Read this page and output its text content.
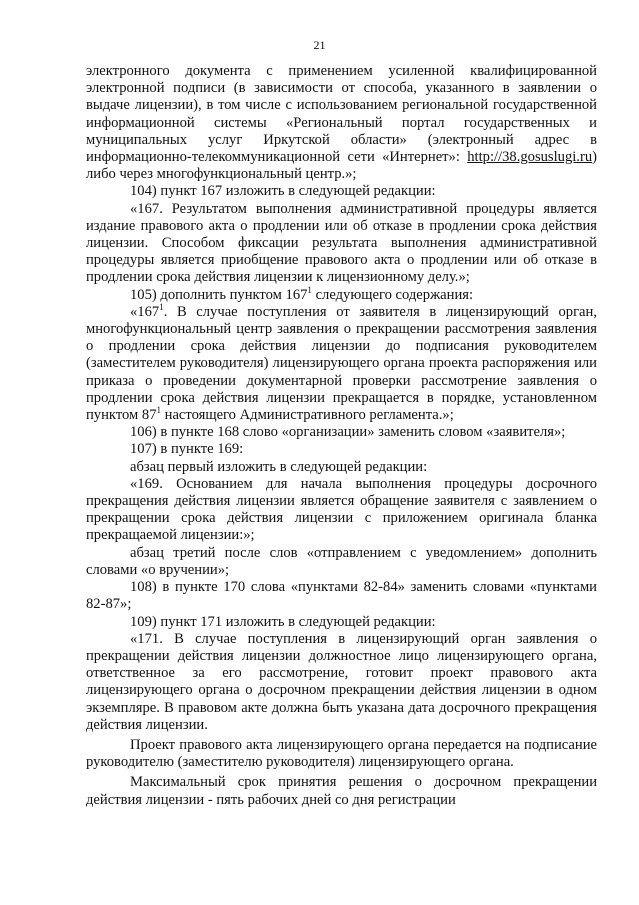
21

электронного документа с применением усиленной квалифицированной электронной подписи (в зависимости от способа, указанного в заявлении о выдаче лицензии), в том числе с использованием региональной государственной информационной системы «Региональный портал государственных и муниципальных услуг Иркутской области» (электронный адрес в информационно-телекоммуникационной сети «Интернет»: http://38.gosuslugi.ru) либо через многофункциональный центр.»;

104) пункт 167 изложить в следующей редакции:

«167. Результатом выполнения административной процедуры является издание правового акта о продлении или об отказе в продлении срока действия лицензии. Способом фиксации результата выполнения административной процедуры является приобщение правового акта о продлении или об отказе в продлении срока действия лицензии к лицензионному делу.»;

105) дополнить пунктом $167^1$ следующего содержания:

«$167^1$. В случае поступления от заявителя в лицензирующий орган, многофункциональный центр заявления о прекращении рассмотрения заявления о продлении срока действия лицензии до подписания руководителем (заместителем руководителя) лицензирующего органа проекта распоряжения или приказа о проведении документарной проверки рассмотрение заявления о продлении срока действия лицензии прекращается в порядке, установленном пунктом $87^1$ настоящего Административного регламента.»;

106) в пункте 168 слово «организации» заменить словом «заявителя»;

107) в пункте 169:

абзац первый изложить в следующей редакции:

«169. Основанием для начала выполнения процедуры досрочного прекращения действия лицензии является обращение заявителя с заявлением о прекращении срока действия лицензии с приложением оригинала бланка прекращаемой лицензии:»;

абзац третий после слов «отправлением с уведомлением» дополнить словами «о вручении»;

108) в пункте 170 слова «пунктами 82-84» заменить словами «пунктами 82-87»;

109) пункт 171 изложить в следующей редакции:

«171. В случае поступления в лицензирующий орган заявления о прекращении действия лицензии должностное лицо лицензирующего органа, ответственное за его рассмотрение, готовит проект правового акта лицензирующего органа о досрочном прекращении действия лицензии в одном экземпляре. В правовом акте должна быть указана дата досрочного прекращения действия лицензии.

Проект правового акта лицензирующего органа передается на подписание руководителю (заместителю руководителя) лицензирующего органа.

Максимальный срок принятия решения о досрочном прекращении действия лицензии - пять рабочих дней со дня регистрации
